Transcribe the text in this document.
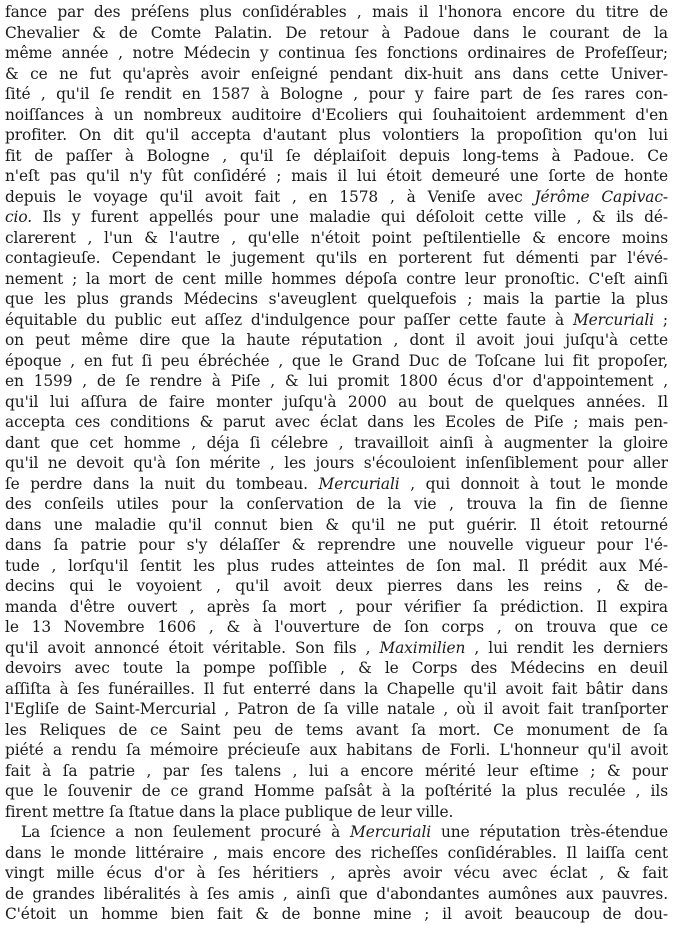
fance par des préſens plus conſidérables , mais il l'honora encore du titre de
Chevalier & de Comte Palatin. De retour à Padoue dans le courant de la
même année , notre Médecin y continua ſes fonctions ordinaires de Profeſſeur;
& ce ne fut qu'après avoir enſeigné pendant dix-huit ans dans cette Univer-
ſité , qu'il ſe rendit en 1587 à Bologne , pour y faire part de ſes rares con-
noiſſances à un nombreux auditoire d'Ecoliers qui ſouhaitoient ardemment d'en
profiter. On dit qu'il accepta d'autant plus volontiers la propoſition qu'on lui
fit de paſſer à Bologne , qu'il ſe déplaiſoit depuis long-tems à Padoue. Ce
n'eſt pas qu'il n'y fût conſidéré ; mais il lui étoit demeuré une ſorte de honte
depuis le voyage qu'il avoit fait , en 1578 , à Veniſe avec Jérôme Capivac-
cio. Ils y furent appellés pour une maladie qui déſoloit cette ville , & ils dé-
clarerent , l'un & l'autre , qu'elle n'étoit point peſtilentielle & encore moins
contagieuſe. Cependant le jugement qu'ils en porterent fut démenti par l'évé-
nement ; la mort de cent mille hommes dépoſa contre leur pronoſtic. C'eſt ainſi
que les plus grands Médecins s'aveuglent quelquefois ; mais la partie la plus
équitable du public eut aſſez d'indulgence pour paſſer cette faute à Mercuriali ;
on peut même dire que la haute réputation , dont il avoit joui juſqu'à cette
époque , en fut ſi peu ébréchée , que le Grand Duc de Toſcane lui fit propoſer,
en 1599 , de ſe rendre à Piſe , & lui promit 1800 écus d'or d'appointement ,
qu'il lui aſſura de faire monter juſqu'à 2000 au bout de quelques années. Il
accepta ces conditions & parut avec éclat dans les Ecoles de Piſe ; mais pen-
dant que cet homme , déja ſi célebre , travailloit ainſi à augmenter la gloire
qu'il ne devoit qu'à ſon mérite , les jours s'écouloient inſenſiblement pour aller
ſe perdre dans la nuit du tombeau. Mercuriali , qui donnoit à tout le monde
des conſeils utiles pour la conſervation de la vie , trouva la fin de ſienne
dans une maladie qu'il connut bien & qu'il ne put guérir. Il étoit retourné
dans ſa patrie pour s'y délaſſer & reprendre une nouvelle vigueur pour l'é-
tude , lorſqu'il ſentit les plus rudes atteintes de ſon mal. Il prédit aux Mé-
decins qui le voyoient , qu'il avoit deux pierres dans les reins , & de-
manda d'être ouvert , après ſa mort , pour vérifier ſa prédiction. Il expira
le 13 Novembre 1606 , & à l'ouverture de ſon corps , on trouva que ce
qu'il avoit annoncé étoit véritable. Son fils , Maximilien , lui rendit les derniers
devoirs avec toute la pompe poſſible , & le Corps des Médecins en deuil
aſſiſta à ſes funérailles. Il fut enterré dans la Chapelle qu'il avoit fait bâtir dans
l'Egliſe de Saint-Mercurial , Patron de ſa ville natale , où il avoit fait tranſporter
les Reliques de ce Saint peu de tems avant ſa mort. Ce monument de ſa
piété a rendu ſa mémoire précieuſe aux habitans de Forli. L'honneur qu'il avoit
fait à ſa patrie , par ſes talens , lui a encore mérité leur eſtime ; & pour
que le ſouvenir de ce grand Homme paſsât à la poſtérité la plus reculée , ils
firent mettre ſa ſtatue dans la place publique de leur ville.
La ſcience a non ſeulement procuré à Mercuriali une réputation très-étendue
dans le monde littéraire , mais encore des richeſſes conſidérables. Il laiſſa cent
vingt mille écus d'or à ſes héritiers , après avoir vécu avec éclat , & fait
de grandes libéralités à ſes amis , ainſi que d'abondantes aumônes aux pauvres.
C'étoit un homme bien fait & de bonne mine ; il avoit beaucoup de dou-
